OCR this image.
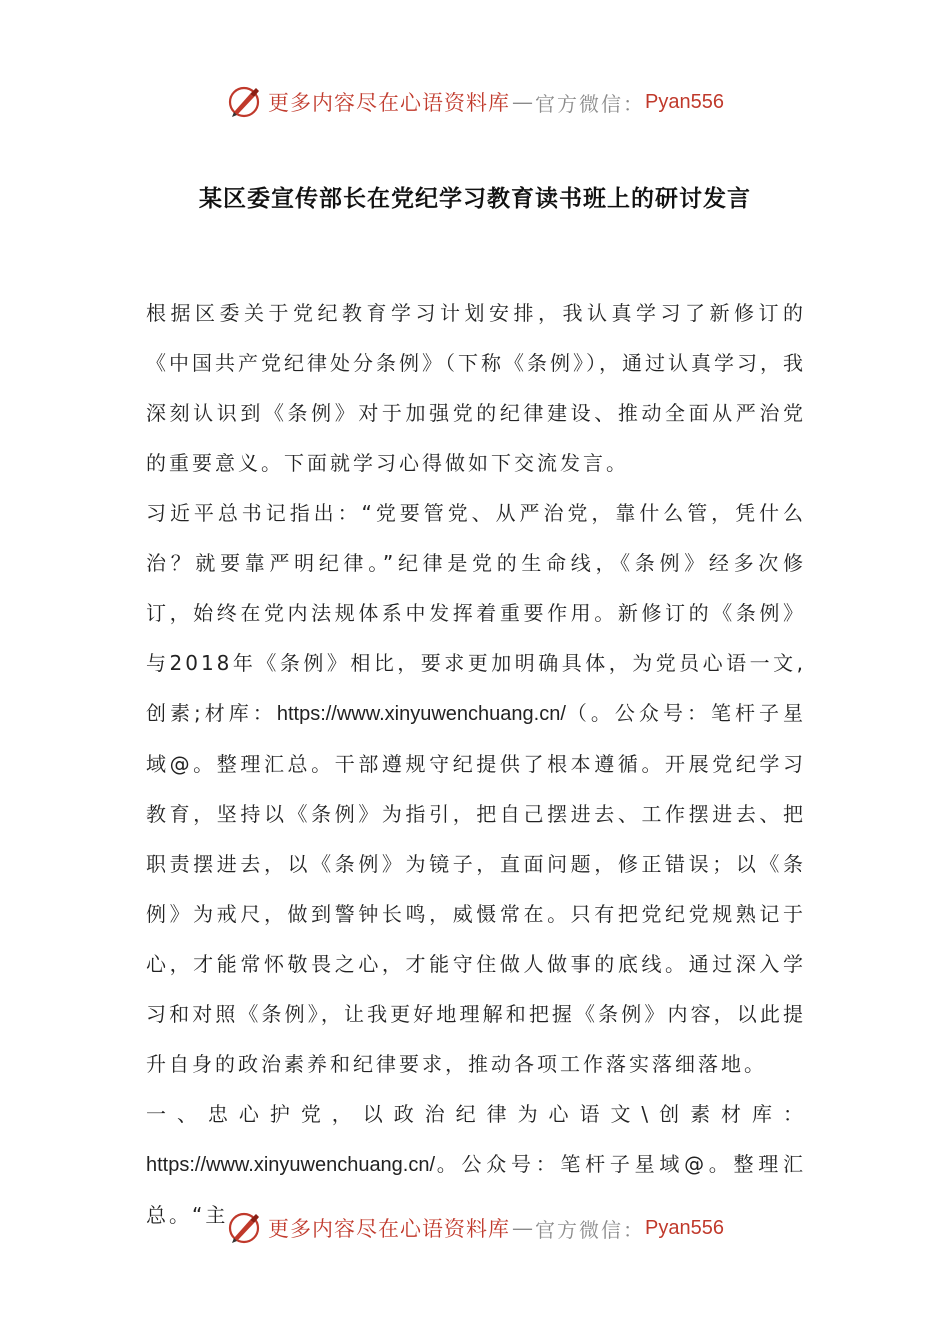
更多内容尽在心语资料库 — 官方微信： Pyan556
某区委宣传部长在党纪学习教育读书班上的研讨发言

根据区委关于党纪教育学习计划安排，我认真学习了新修订的《中国共产党纪律处分条例》（下称《条例》），通过认真学习，我深刻认识到《条例》对于加强党的纪律建设、推动全面从严治党的重要意义。下面就学习心得做如下交流发言。

习近平总书记指出：“党要管党、从严治党，靠什么管，凭什么治？就要靠严明纪律。”纪律是党的生命线，《条例》经多次修订，始终在党内法规体系中发挥着重要作用。新修订的《条例》与2018年《条例》相比，要求更加明确具体，为党员心语一文,创素;材库：https://www.xinyuwenchuang.cn/（。公众号：笔杆子星域@。整理汇总。干部遵规守纪提供了根本遵循。开展党纪学习教育，坚持以《条例》为指引，把自己摆进去、工作摆进去、把职责摆进去，以《条例》为镜子，直面问题，修正错误；以《条例》为戒尺，做到警钟长鸣，威慑常在。只有把党纪党规熟记于心，才能常怀敬畏之心，才能守住做人做事的底线。通过深入学习和对照《条例》，让我更好地理解和把握《条例》内容，以此提升自身的政治素养和纪律要求，推动各项工作落实落细落地。

一、忠心护党，以政治纪律为心语文\创素材库：https://www.xinyuwenchuang.cn/。公众号：笔杆子星域@。整理汇总。“主

更多内容尽在心语资料库 — 官方微信： Pyan556
